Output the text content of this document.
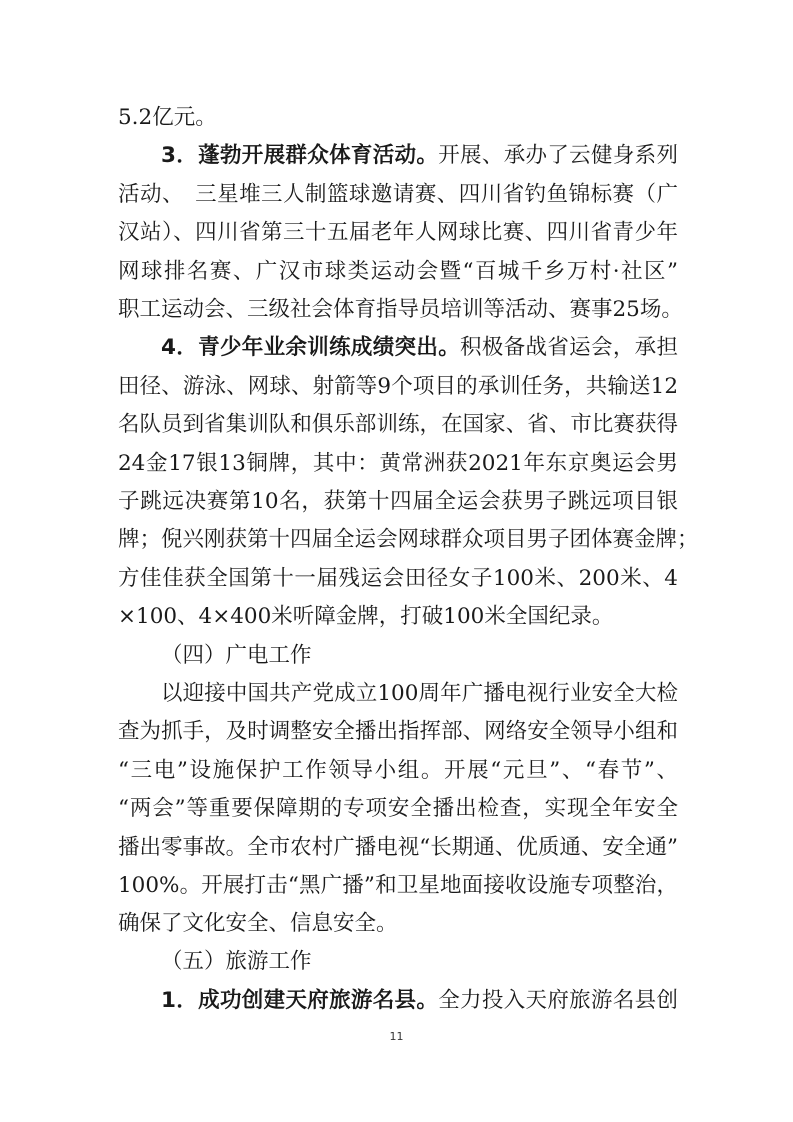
5.2亿元。
3．蓬勃开展群众体育活动。开展、承办了云健身系列
活动、　三星堆三人制篮球邀请赛、四川省钓鱼锦标赛（广
汉站）、四川省第三十五届老年人网球比赛、四川省青少年
网球排名赛、广汉市球类运动会暨“百城千乡万村·社区”
职工运动会、三级社会体育指导员培训等活动、赛事25场。
4．青少年业余训练成绩突出。积极备战省运会，承担
田径、游泳、网球、射箭等9个项目的承训任务，共输送12
名队员到省集训队和俱乐部训练，在国家、省、市比赛获得
24金17银13铜牌，其中：黄常洲获2021年东京奥运会男
子跳远决赛第10名，获第十四届全运会获男子跳远项目银
牌；倪兴刚获第十四届全运会网球群众项目男子团体赛金牌；
方佳佳获全国第十一届残运会田径女子100米、200米、4
×100、4×400米听障金牌，打破100米全国纪录。
（四）广电工作
以迎接中国共产党成立100周年广播电视行业安全大检
查为抓手，及时调整安全播出指挥部、网络安全领导小组和
“三电”设施保护工作领导小组。开展“元旦”、“春节”、
“两会”等重要保障期的专项安全播出检查，实现全年安全
播出零事故。全市农村广播电视“长期通、优质通、安全通”
100%。开展打击“黑广播”和卫星地面接收设施专项整治，
确保了文化安全、信息安全。
11
（五）旅游工作
1．成功创建天府旅游名县。全力投入天府旅游名县创
